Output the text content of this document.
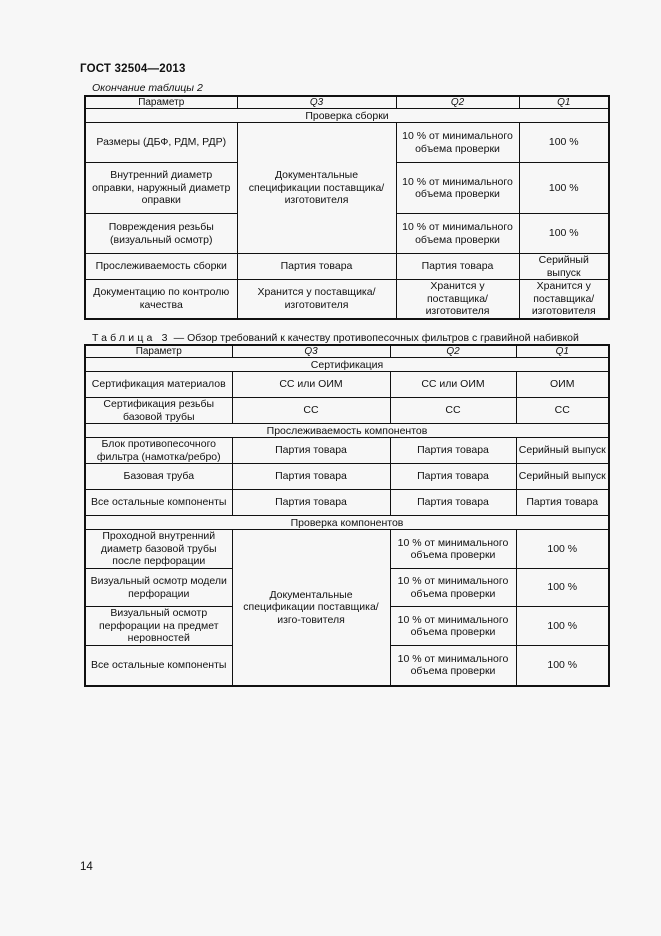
ГОСТ 32504—2013
Окончание таблицы 2
Параметр	Q3	Q2	Q1
Проверка сборки			
Размеры (ДБФ, РДМ, РДР)	Документальные спецификации поставщика/ изготовителя	10 % от минимального объема проверки	100 %
Внутренний диаметр оправки, наружный диаметр оправки		10 % от минимального объема проверки	100 %
Повреждения резьбы (визуальный осмотр)		10 % от минимального объема проверки	100 %
Прослеживаемость сборки	Партия товара	Партия товара	Серийный выпуск
Документацию по контролю качества	Хранится у поставщика/ изготовителя	Хранится у поставщика/ изготовителя	Хранится у поставщика/ изготовителя
Таблица 3 — Обзор требований к качеству противопесочных фильтров с гравийной набивкой
Параметр	Q3	Q2	Q1
Сертификация			
Сертификация материалов	СС или ОИМ	СС или ОИМ	ОИМ
Сертификация резьбы базовой трубы	СС	СС	СС
Прослеживаемость компонентов			
Блок противопесочного фильтра (намотка/ребро)	Партия товара	Партия товара	Серийный выпуск
Базовая труба	Партия товара	Партия товара	Серийный выпуск
Все остальные компоненты	Партия товара	Партия товара	Партия товара
Проверка компонентов			
Проходной внутренний диаметр базовой трубы после перфорации	Документальные спецификации поставщика/изго-товителя	10 % от минимального объема проверки	100 %
Визуальный осмотр модели перфорации		10 % от минимального объема проверки	100 %
Визуальный осмотр перфорации на предмет неровностей		10 % от минимального объема проверки	100 %
Все остальные компоненты		10 % от минимального объема проверки	100 %
14
